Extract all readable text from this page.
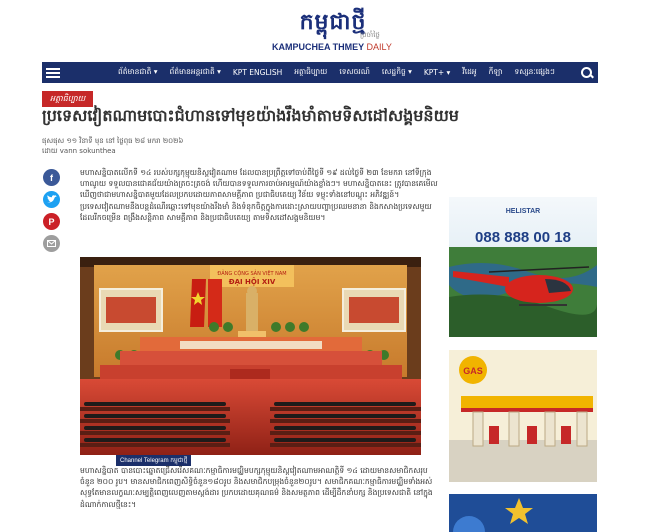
កម្ពុជាថ្មី
ប្រចាំថ្ងៃ
KAMPUCHEA THMEY DAILY
ព័ត៌មានជាតិ ▾	ព័ត៌មានអន្តរជាតិ ▾	KPT ENGLISH	អត្ថាធិប្បាយ	ទេសចរណ៍	សេដ្ឋកិច្ច ▾	KPT+ ▾	វីដេអូ	កីឡា	ទស្សនៈផ្សេងៗ
អត្ថាធិប្បាយ
ប្រទេសវៀតណាមបោះជំហានទៅមុខយ៉ាងរឹងមាំតាមទិសដៅសង្គមនិយម
ផុសផុស ១១ វិនាទី មុន នៅ ថ្ងៃពុធ ២៨ មករា ២០២៦
ដោយ vann sokunthea
f
P

មហាសន្និបាតលើកទី ១៤ របស់បក្សកុម្មុយនិស្តវៀតណាម ដែលបានប្រព្រឹត្តទៅចាប់ពីថ្ងៃទី ១៩ ដល់ថ្ងៃទី ២៣ ខែមករា នៅទីក្រុង ហាណូយ ទទួលបានជោគជ័យយ៉ាងត្រចះត្រចង់ ហើយបានទទួលការចាប់អារម្មណ៍យ៉ាងខ្លាំងៗ។ មហាសន្និបាតនេះ ត្រូវបានគេមើលឃើញថាជាមហាសន្និបាតមួយដែលប្រកបដោយភាពសាមគ្គីភាព ប្រជាធិបតេយ្យ វិន័យ ទម្លុះទាំងនៅបណ្តុះ អភិវឌ្ឍន៍។ ប្រទេសវៀតណាមនឹងបន្តដំណើរឆ្ពោះទៅមុខយ៉ាងរឹងមាំ និងទំនុកចិត្តក្នុងការដោះស្រាយបញ្ហាប្រឈមនានា និងកសាងប្រទេសមួយដែលរីកចម្រើន ពង្រឹងសន្តិភាព សាមគ្គីភាព និងប្រជាធិបតេយ្យ តាមទិសដៅសង្គមនិយម។

ĐẢNG CỘNG SẢN VIỆT NAM
ĐẠI HỘI XIV
Channel Telegram កម្ពុជាថ្មី

មហាសន្និបាត បានបោះឆ្នោតជ្រើសរើសគណៈកម្មាធិការមជ្ឈិមបក្សកុម្មុយនិស្តវៀតណាមអាណត្តិទី ១៤ ដោយមានសមាជិកសរុបចំនួន ២០០ រូប។ មានសមាជិកពេញសិទ្ធិចំនួន១៨០រូប និងសមាជិកបម្រុងចំនួន២០រូប។ សមាជិកគណៈកម្មាធិការមជ្ឈិមទាំងអស់សុទ្ធតែមានលក្ខណៈសម្បត្តិពេញលេញតាមស្តង់ដារ ប្រកបដោយគុណធម៌ និងសមត្ថភាព ដើម្បីដឹកនាំបក្ស និងប្រទេសជាតិ នៅក្នុងដំណាក់កាលថ្មីនេះ។

HELISTAR
088 888 00 18
GAS
